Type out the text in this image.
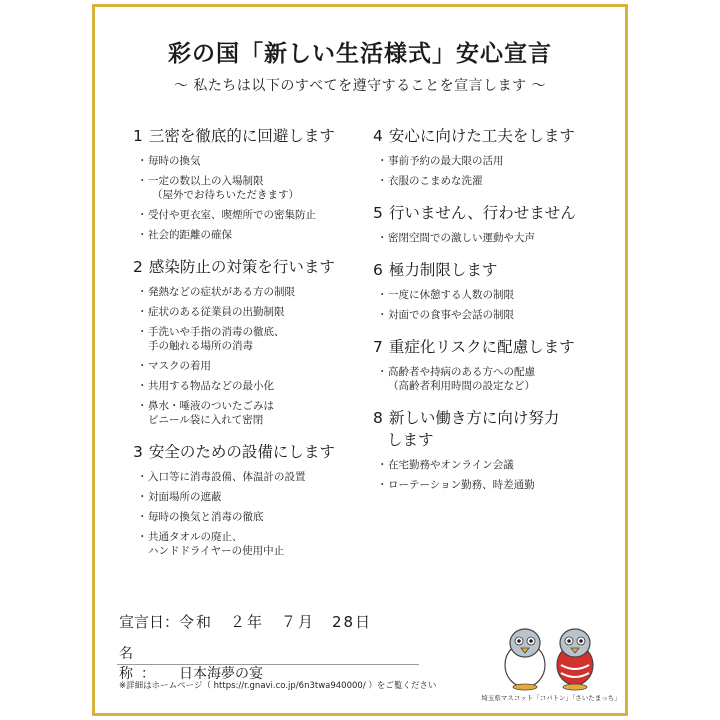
彩の国「新しい生活様式」安心宣言
〜 私たちは以下のすべてを遵守することを宣言します 〜
1 三密を徹底的に回避します
・ 毎時の換気
・ 一定の数以上の入場制限
（屋外でお待ちいただきます）
・ 受付や更衣室、喫煙所での密集防止
・ 社会的距離の確保
2 感染防止の対策を行います
・ 発熱などの症状がある方の制限
・ 症状のある従業員の出勤制限
・ 手洗いや手指の消毒の徹底、
手の触れる場所の消毒
・ マスクの着用
・ 共用する物品などの最小化
・ 鼻水・唾液のついたごみは
ビニール袋に入れて密閉
3 安全のための設備にします
・ 入口等に消毒設備、体温計の設置
・ 対面場所の遮蔽
・ 毎時の換気と消毒の徹底
・ 共通タオルの廃止、
ハンドドライヤーの使用中止
4 安心に向けた工夫をします
・ 事前予約の最大限の活用
・ 衣服のこまめな洗濯
5 行いません、行わせません
・ 密閉空間での激しい運動や大声
6 極力制限します
・ 一度に休憩する人数の制限
・ 対面での食事や会話の制限
7 重症化リスクに配慮します
・ 高齢者や持病のある方への配慮
（高齢者利用時間の設定など）
8 新しい働き方に向け努力
します
・ 在宅勤務やオンライン会議
・ ローテーション勤務、時差通勤
宣言日：令和　２年　７月　28日
名称： 日本海夢の宴
※詳細はホームページ（ https://r.gnavi.co.jp/6n3twa940000/ ）をご覧ください
埼玉県マスコット「コバトン」「さいたまっち」
